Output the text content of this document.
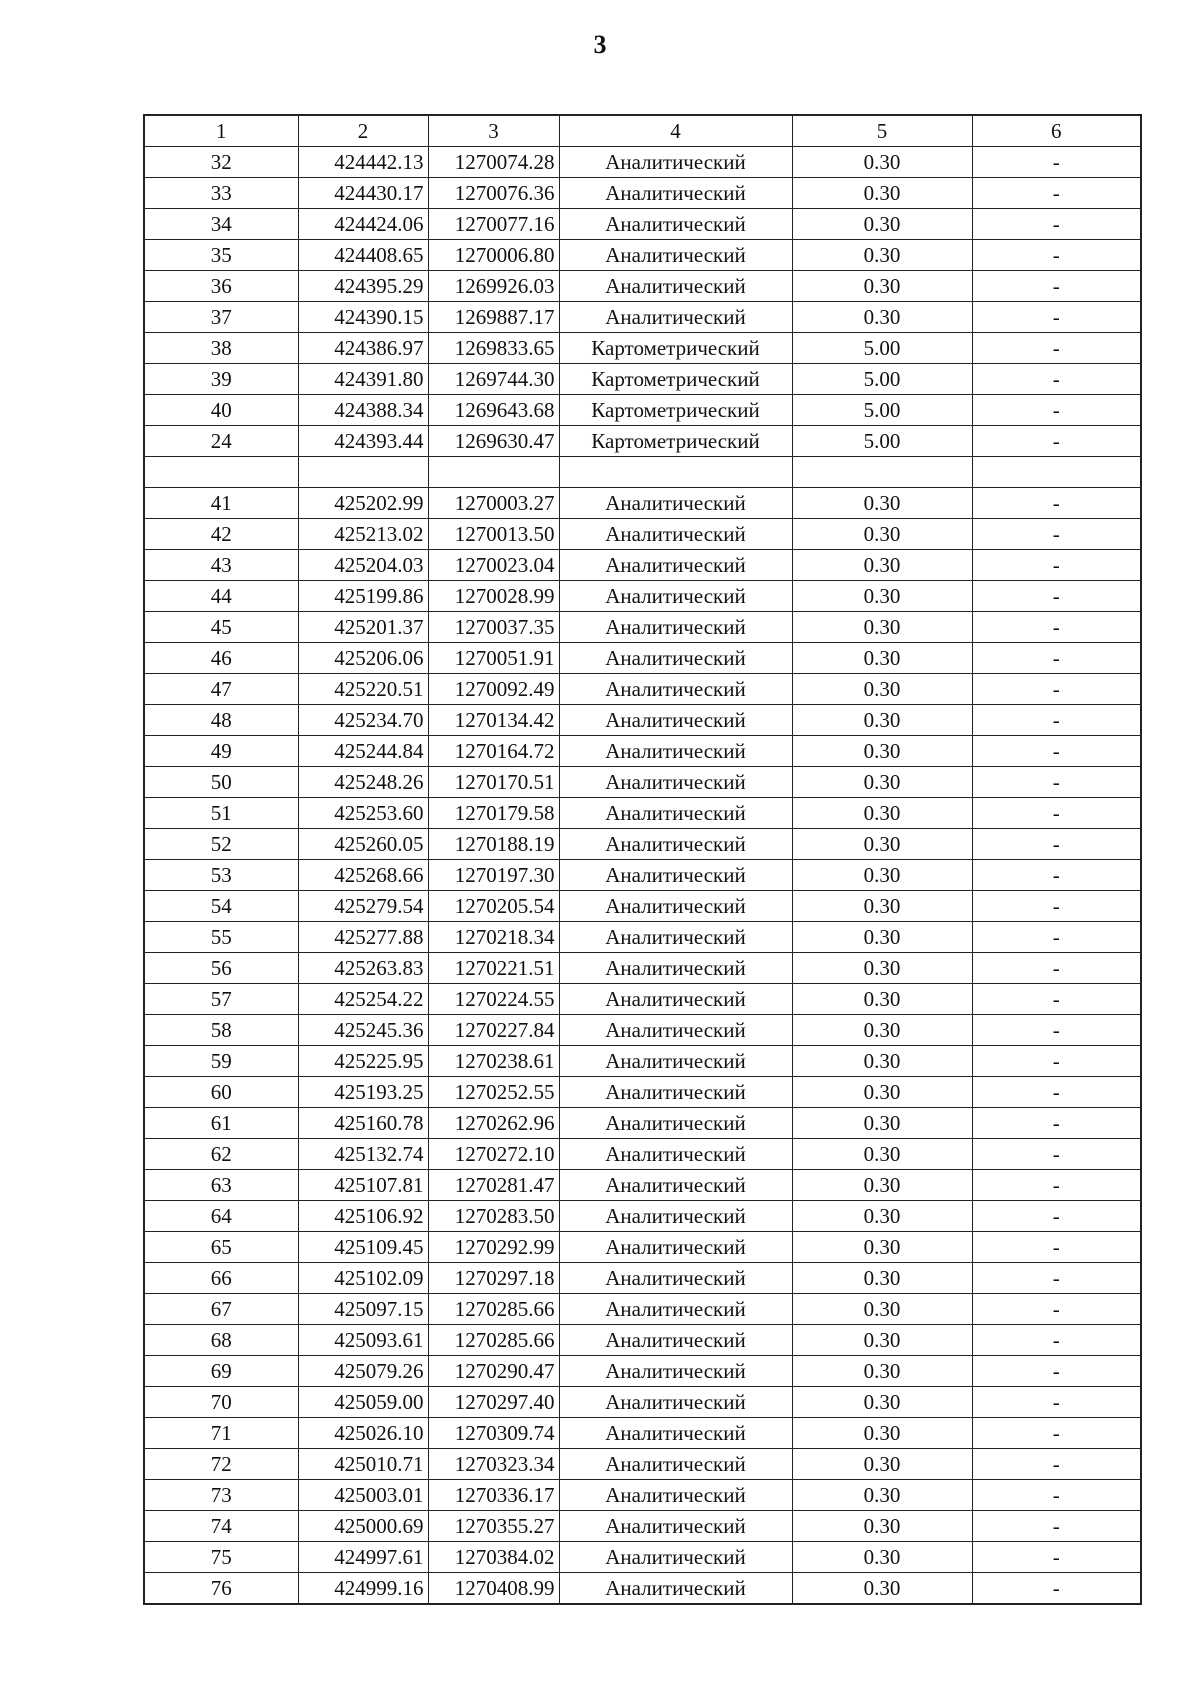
3
1	2	3	4	5	6
32	424442.13	1270074.28	Аналитический	0.30	-
33	424430.17	1270076.36	Аналитический	0.30	-
34	424424.06	1270077.16	Аналитический	0.30	-
35	424408.65	1270006.80	Аналитический	0.30	-
36	424395.29	1269926.03	Аналитический	0.30	-
37	424390.15	1269887.17	Аналитический	0.30	-
38	424386.97	1269833.65	Картометрический	5.00	-
39	424391.80	1269744.30	Картометрический	5.00	-
40	424388.34	1269643.68	Картометрический	5.00	-
24	424393.44	1269630.47	Картометрический	5.00	-

41	425202.99	1270003.27	Аналитический	0.30	-
42	425213.02	1270013.50	Аналитический	0.30	-
43	425204.03	1270023.04	Аналитический	0.30	-
44	425199.86	1270028.99	Аналитический	0.30	-
45	425201.37	1270037.35	Аналитический	0.30	-
46	425206.06	1270051.91	Аналитический	0.30	-
47	425220.51	1270092.49	Аналитический	0.30	-
48	425234.70	1270134.42	Аналитический	0.30	-
49	425244.84	1270164.72	Аналитический	0.30	-
50	425248.26	1270170.51	Аналитический	0.30	-
51	425253.60	1270179.58	Аналитический	0.30	-
52	425260.05	1270188.19	Аналитический	0.30	-
53	425268.66	1270197.30	Аналитический	0.30	-
54	425279.54	1270205.54	Аналитический	0.30	-
55	425277.88	1270218.34	Аналитический	0.30	-
56	425263.83	1270221.51	Аналитический	0.30	-
57	425254.22	1270224.55	Аналитический	0.30	-
58	425245.36	1270227.84	Аналитический	0.30	-
59	425225.95	1270238.61	Аналитический	0.30	-
60	425193.25	1270252.55	Аналитический	0.30	-
61	425160.78	1270262.96	Аналитический	0.30	-
62	425132.74	1270272.10	Аналитический	0.30	-
63	425107.81	1270281.47	Аналитический	0.30	-
64	425106.92	1270283.50	Аналитический	0.30	-
65	425109.45	1270292.99	Аналитический	0.30	-
66	425102.09	1270297.18	Аналитический	0.30	-
67	425097.15	1270285.66	Аналитический	0.30	-
68	425093.61	1270285.66	Аналитический	0.30	-
69	425079.26	1270290.47	Аналитический	0.30	-
70	425059.00	1270297.40	Аналитический	0.30	-
71	425026.10	1270309.74	Аналитический	0.30	-
72	425010.71	1270323.34	Аналитический	0.30	-
73	425003.01	1270336.17	Аналитический	0.30	-
74	425000.69	1270355.27	Аналитический	0.30	-
75	424997.61	1270384.02	Аналитический	0.30	-
76	424999.16	1270408.99	Аналитический	0.30	-
